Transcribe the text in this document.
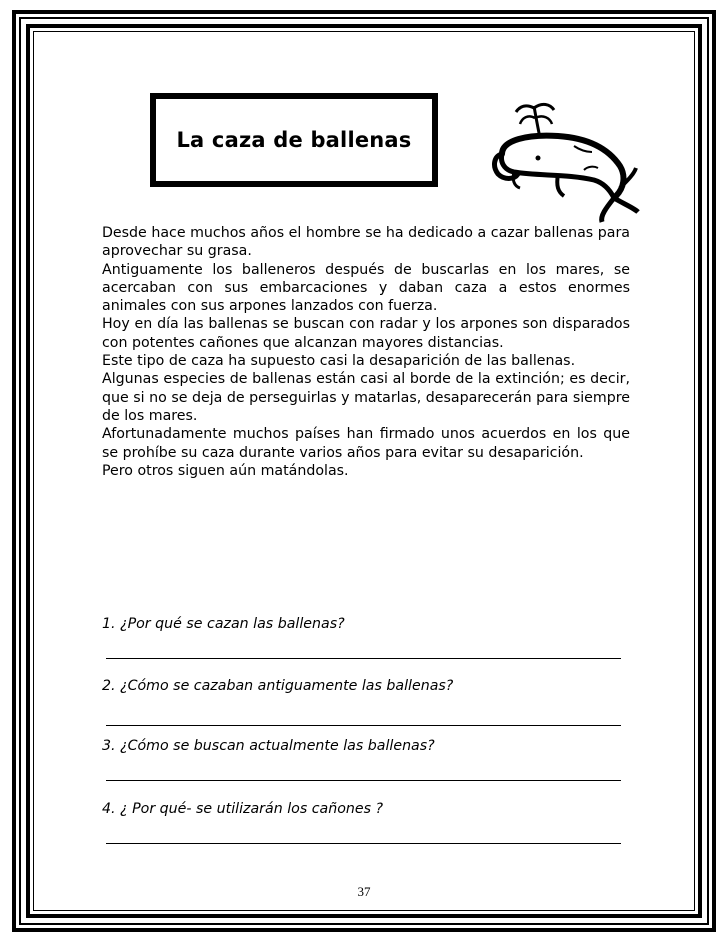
La caza de ballenas

Desde hace muchos años el hombre se ha dedicado a cazar ballenas para aprovechar su grasa.

Antiguamente los balleneros después de buscarlas en los mares, se acercaban con sus embarcaciones y daban caza a estos enormes animales con sus arpones lanzados con fuerza.

Hoy en día las ballenas se buscan con radar y los arpones son disparados con potentes cañones que alcanzan mayores distancias.

Este tipo de caza ha supuesto casi la desaparición de las ballenas.

Algunas especies de ballenas están casi al borde de la extinción; es decir, que si no se deja de perseguirlas y matarlas, desaparecerán para siempre de los mares.

Afortunadamente muchos países han firmado unos acuerdos en los que se prohíbe su caza durante varios años para evitar su desaparición.

Pero otros siguen aún matándolas.

1. ¿Por qué se cazan las ballenas?
2. ¿Cómo se cazaban antiguamente las ballenas?
3. ¿Cómo se buscan actualmente las ballenas?
4. ¿ Por qué- se utilizarán los cañones ?
37
